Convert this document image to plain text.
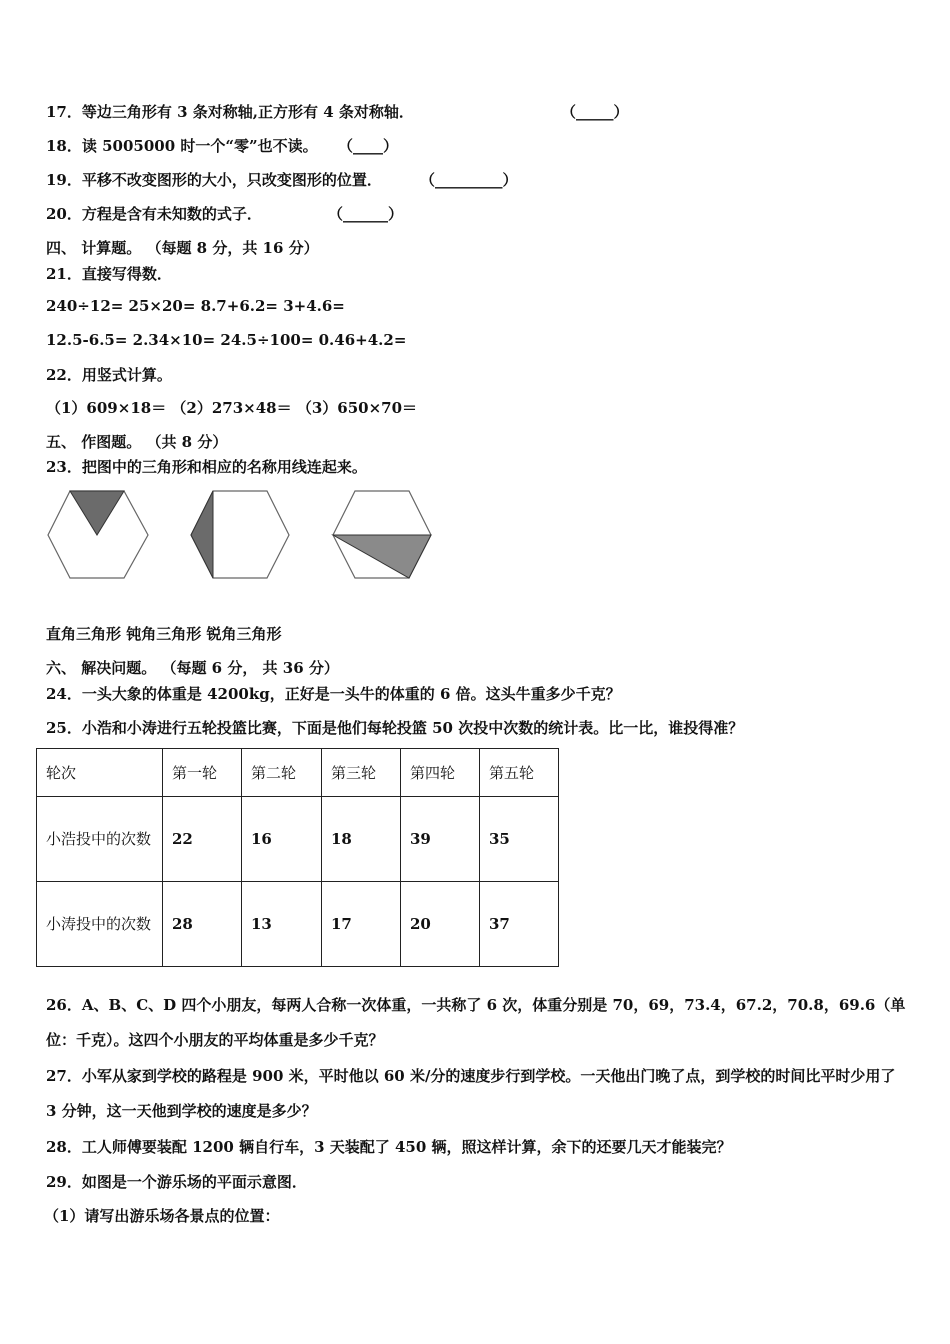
17．等边三角形有 3 条对称轴,正方形有 4 条对称轴．	（_____）
18．读 5005000 时一个“零”也不读。 （____）
19．平移不改变图形的大小，只改变图形的位置．	（_________）
20．方程是含有未知数的式子．	（______）
四、 计算题。 （每题 8 分，共 16 分）
21．直接写得数．
240÷12= 25×20= 8.7+6.2= 3+4.6=
12.5-6.5= 2.34×10= 24.5÷100= 0.46+4.2=
22．用竖式计算。
（1）609×18＝ （2）273×48＝ （3）650×70＝
五、 作图题。 （共 8 分）
23．把图中的三角形和相应的名称用线连起来。
直角三角形 钝角三角形 锐角三角形
六、 解决问题。 （每题 6 分， 共 36 分）
24．一头大象的体重是 4200kg，正好是一头牛的体重的 6 倍。这头牛重多少千克？
25．小浩和小涛进行五轮投篮比赛，下面是他们每轮投篮 50 次投中次数的统计表。比一比，谁投得准？
轮次	第一轮	第二轮	第三轮	第四轮	第五轮
小浩投中的次数	22	16	18	39	35
小涛投中的次数	28	13	17	20	37
26．A、B、C、D 四个小朋友，每两人合称一次体重，一共称了 6 次，体重分别是 70，69，73.4，67.2，70.8，69.6（单位：千克）。这四个小朋友的平均体重是多少千克？
27．小军从家到学校的路程是 900 米，平时他以 60 米/分的速度步行到学校。一天他出门晚了点，到学校的时间比平时少用了 3 分钟，这一天他到学校的速度是多少？
28．工人师傅要装配 1200 辆自行车，3 天装配了 450 辆，照这样计算，余下的还要几天才能装完？
29．如图是一个游乐场的平面示意图．
（1）请写出游乐场各景点的位置：
